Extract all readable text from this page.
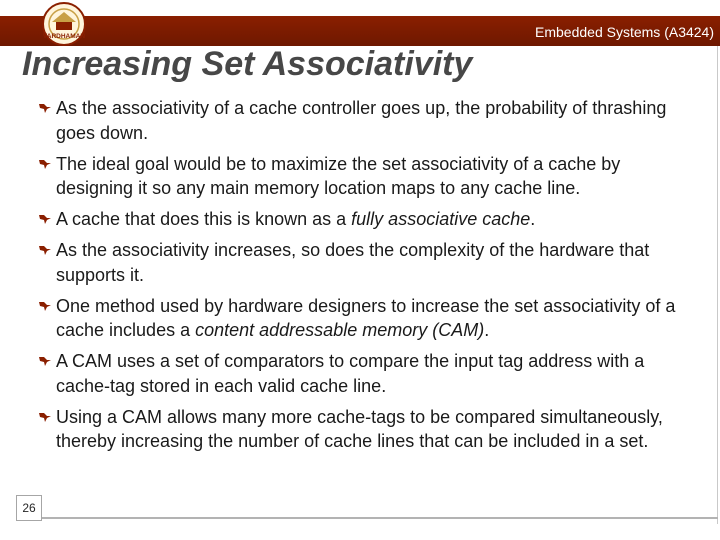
Embedded Systems (A3424)
VARDHAMAN
Increasing Set Associativity
As the associativity of a cache controller goes up, the probability of thrashing goes down.
The ideal goal would be to maximize the set associativity of a cache by designing it so any main memory location maps to any cache line.
A cache that does this is known as a fully associative cache.
As the associativity increases, so does the complexity of the hardware that supports it.
One method used by hardware designers to increase the set associativity of a cache includes a content addressable memory (CAM).
A CAM uses a set of comparators to compare the input tag address with a cache-tag stored in each valid cache line.
Using a CAM allows many more cache-tags to be compared simultaneously, thereby increasing the number of cache lines that can be included in a set.
26
